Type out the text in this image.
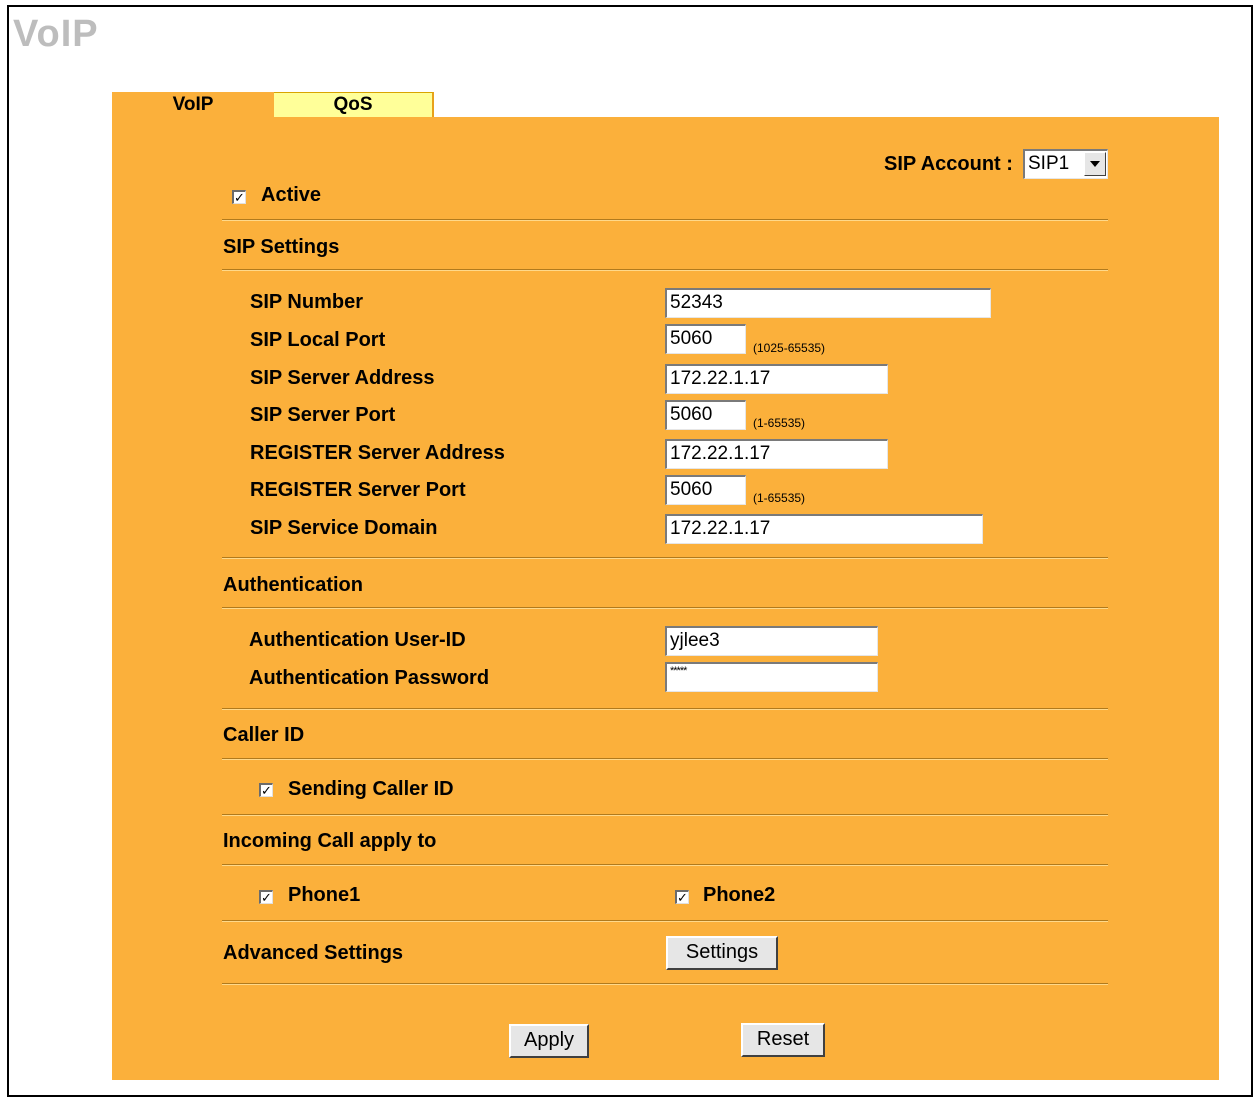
VoIP
VoIP	QoS
SIP Account : SIP1
✓ Active
SIP Settings
SIP Number	52343
SIP Local Port	5060	(1025-65535)
SIP Server Address	172.22.1.17
SIP Server Port	5060	(1-65535)
REGISTER Server Address	172.22.1.17
REGISTER Server Port	5060	(1-65535)
SIP Service Domain	172.22.1.17
Authentication
Authentication User-ID	yjlee3
Authentication Password	*****
Caller ID
✓ Sending Caller ID
Incoming Call apply to
✓ Phone1	✓ Phone2
Advanced Settings	Settings
Apply	Reset
